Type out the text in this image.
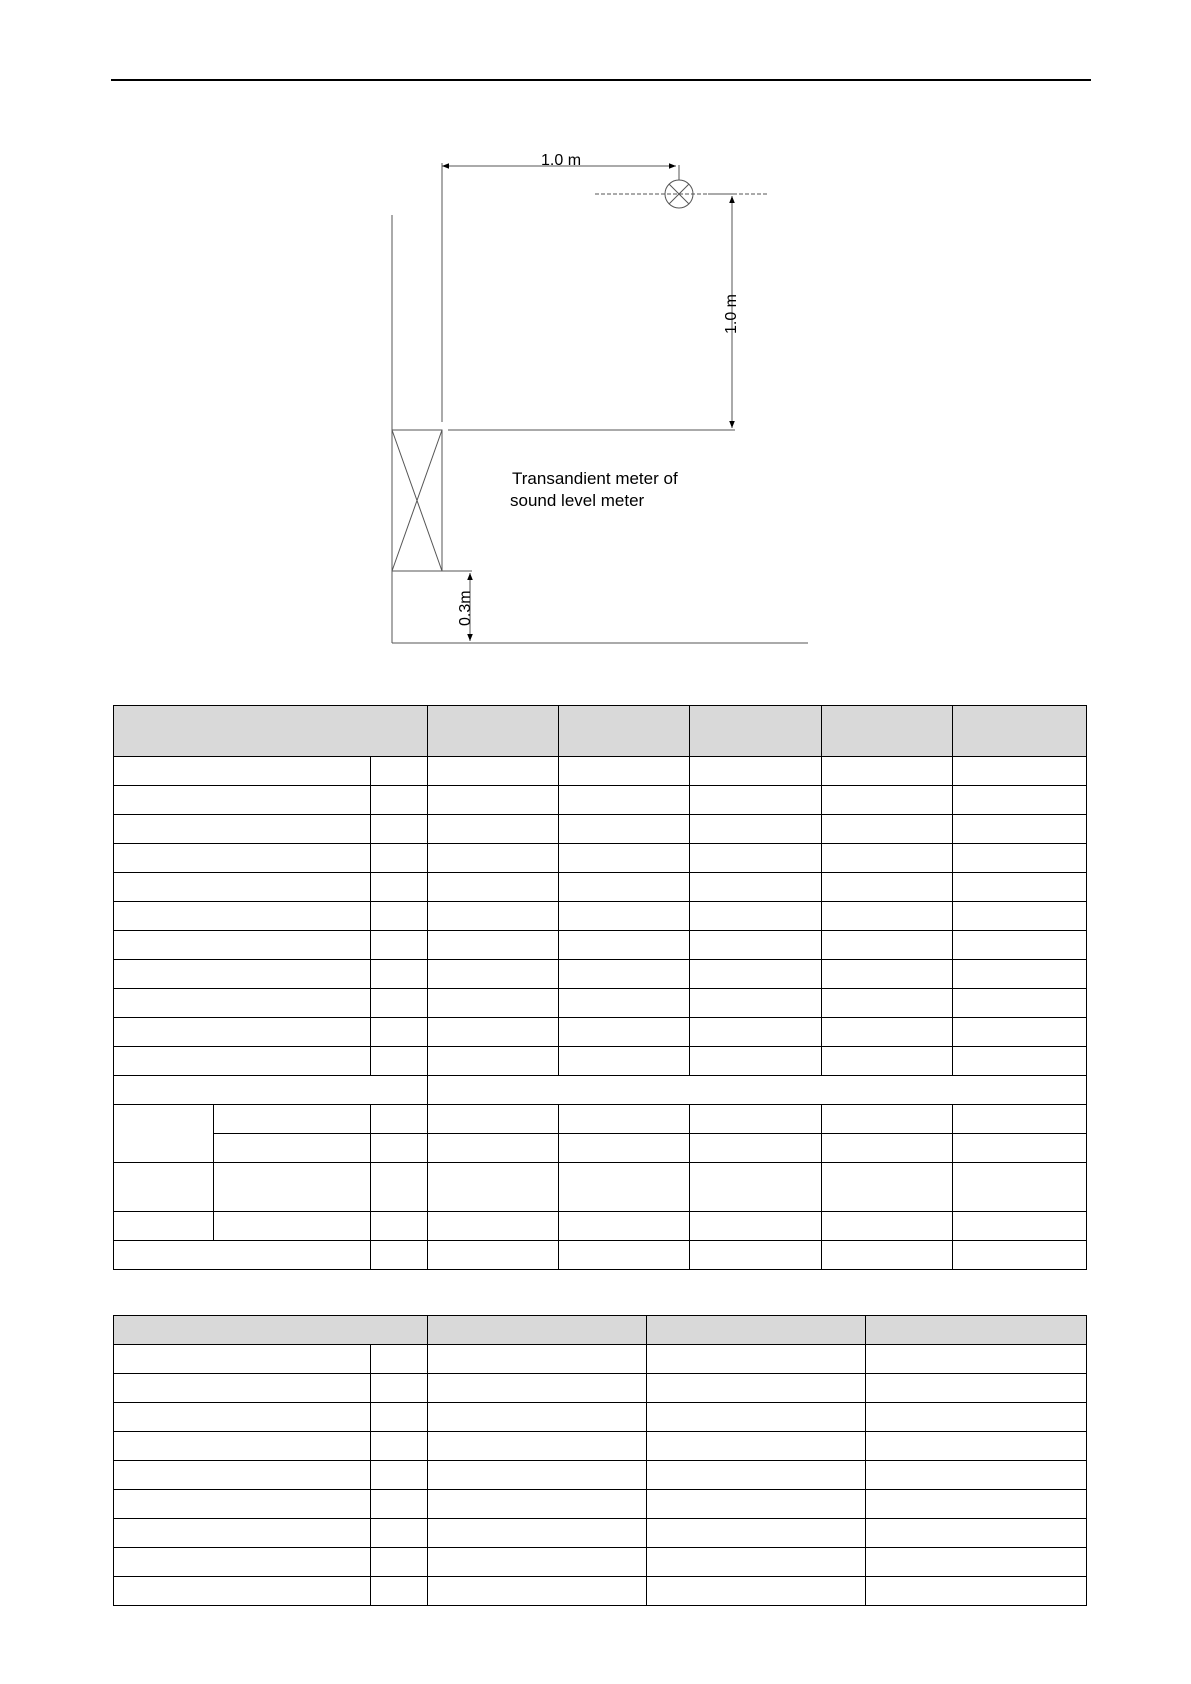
1.0 m
1.0 m
0.3m
Transandient meter of
sound level meter
